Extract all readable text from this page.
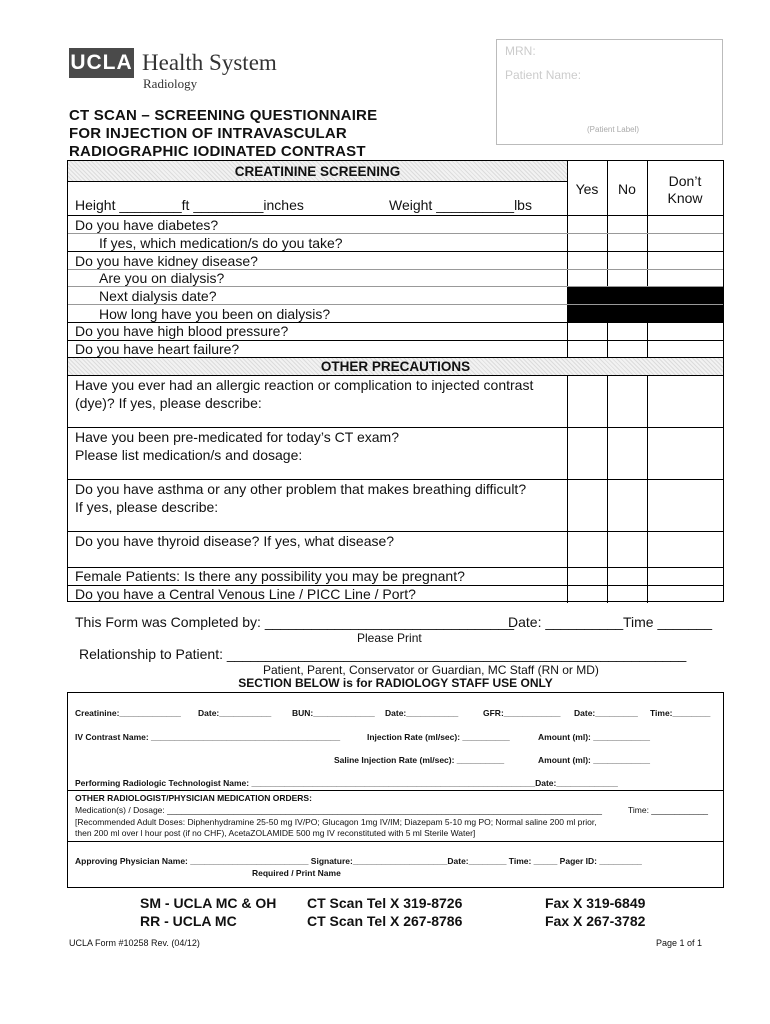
UCLA Health System
Radiology
MRN:
Patient Name:
(Patient Label)
CT SCAN – SCREENING QUESTIONNAIRE
FOR INJECTION OF INTRAVASCULAR
RADIOGRAPHIC IODINATED CONTRAST
CREATININE SCREENING
OTHER PRECAUTIONS
Yes	No	Don’t
Know
Height ________ft _________inches	Weight __________lbs
Do you have diabetes?
If yes, which medication/s do you take?
Do you have kidney disease?
Are you on dialysis?
Next dialysis date?
How long have you been on dialysis?
Do you have high blood pressure?
Do you have heart failure?
Have you ever had an allergic reaction or complication to injected contrast
(dye)? If yes, please describe:
Have you been pre-medicated for today’s CT exam?
Please list medication/s and dosage:
Do you have asthma or any other problem that makes breathing difficult?
If yes, please describe:
Do you have thyroid disease? If yes, what disease?
Female Patients: Is there any possibility you may be pregnant?
Do you have a Central Venous Line / PICC Line / Port?
This Form was Completed by: ________________________________
Date: __________ Time _______
Please Print
Relationship to Patient: ___________________________________________________________
Patient, Parent, Conservator or Guardian, MC Staff (RN or MD)
SECTION BELOW is for RADIOLOGY STAFF USE ONLY
Creatinine:_____________ Date:___________ BUN:_____________ Date:___________	GFR:____________ Date:_________ Time:________
IV Contrast Name: ________________________________________	Injection Rate (ml/sec): __________	Amount (ml): ____________
Saline Injection Rate (ml/sec): __________	Amount (ml): ____________
Performing Radiologic Technologist Name: ____________________________________________________________Date:_____________
OTHER RADIOLOGIST/PHYSICIAN MEDICATION ORDERS:
Medication(s) / Dosage: ____________________________________________________________________________________________	Time: ____________
[Recommended Adult Doses: Diphenhydramine 25-50 mg IV/PO; Glucagon 1mg IV/IM; Diazepam 5-10 mg PO; Normal saline 200 ml prior,
then 200 ml over l hour post (if no CHF), AcetaZOLAMIDE 500 mg IV reconstituted with 5 ml Sterile Water]
Approving Physician Name: _________________________ Signature:____________________Date:________ Time: _____ Pager ID: _________
Required / Print Name
SM - UCLA MC & OH CT Scan Tel X 319-8726	Fax X 319-6849
RR - UCLA MC	CT Scan Tel X 267-8786	Fax X 267-3782
UCLA Form #10258 Rev. (04/12)	Page 1 of 1
